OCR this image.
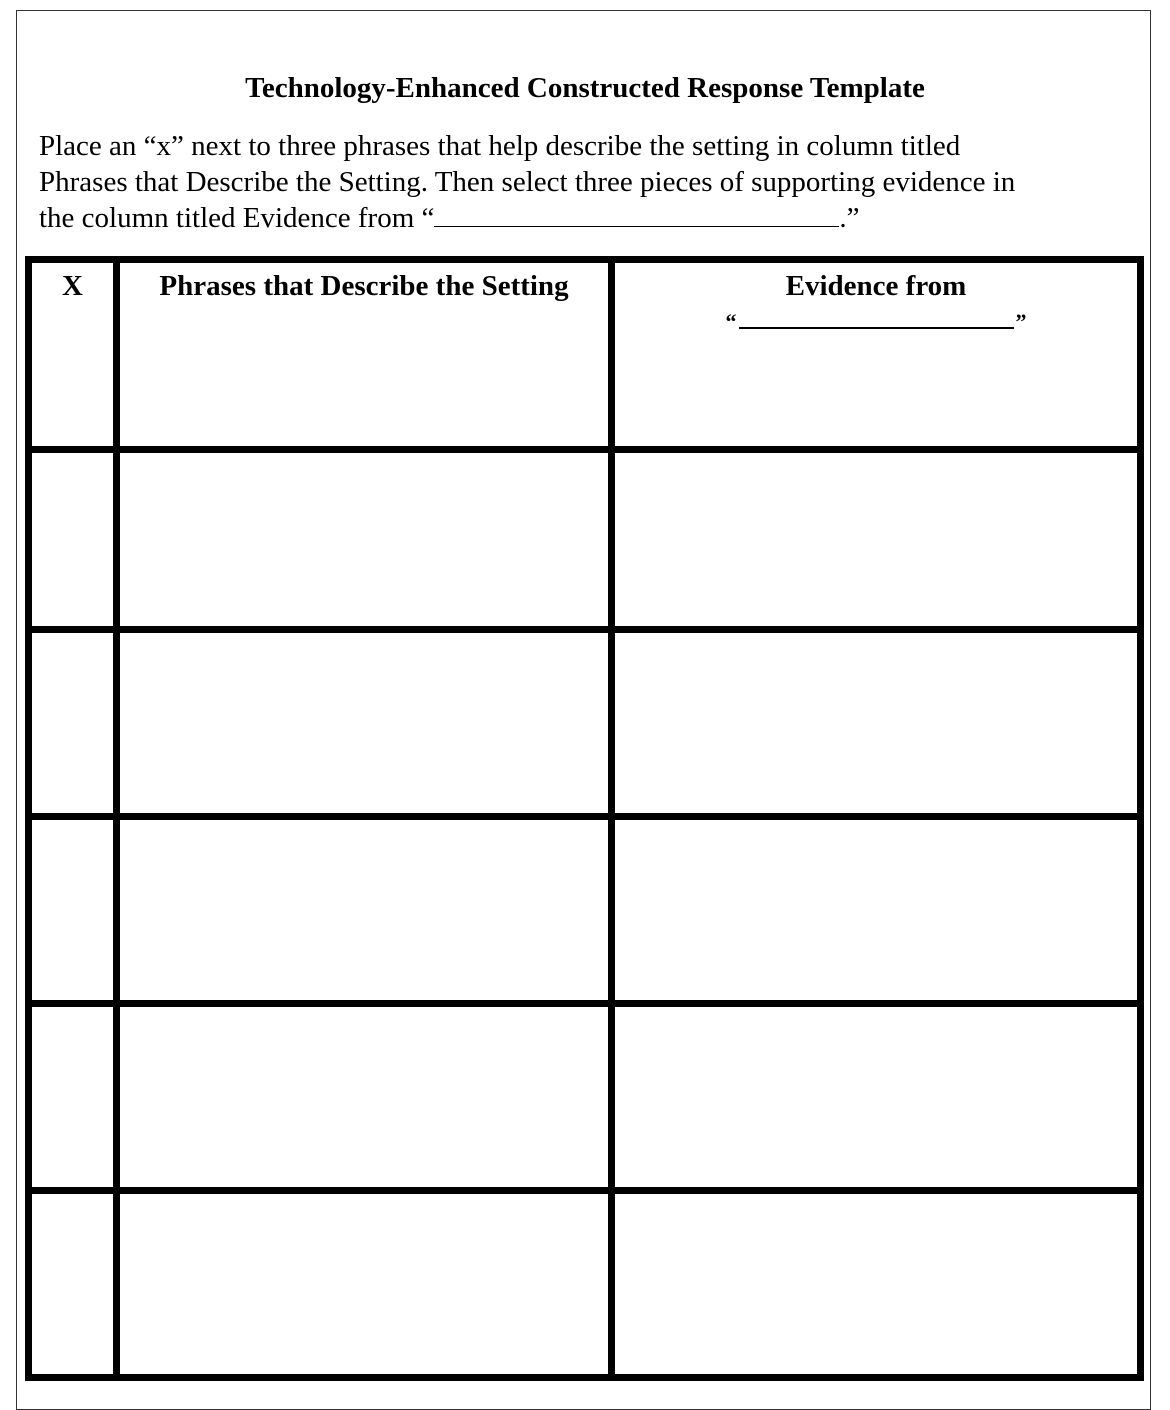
Technology-Enhanced Constructed Response Template
Place an “x” next to three phrases that help describe the setting in column titled
Phrases that Describe the Setting. Then select three pieces of supporting evidence in
the column titled Evidence from “	.”
X	Phrases that Describe the Setting	Evidence from
“ ”
